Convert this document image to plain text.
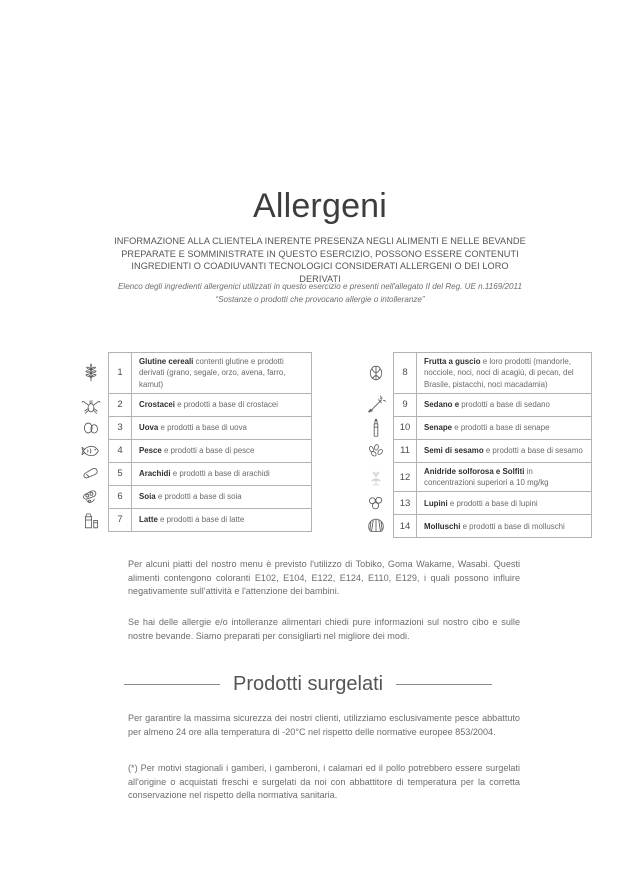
Allergeni
INFORMAZIONE ALLA CLIENTELA INERENTE PRESENZA NEGLI ALIMENTI E NELLE BEVANDE PREPARATE E SOMMINISTRATE IN QUESTO ESERCIZIO, POSSONO ESSERE CONTENUTI INGREDIENTI O COADIUVANTI TECNOLOGICI CONSIDERATI ALLERGENI O DEI LORO DERIVATI
Elenco degli ingredienti allergenici utilizzati in questo esercizio e presenti nell'allegato II del Reg. UE n.1169/2011
“Sostanze o prodotti che provocano allergie o intolleranze”
	1	Glutine cereali contenti glutine e prodotti derivati (grano, segale, orzo, avena, farro, kamut)

	2	Crostacei e prodotti a base di crostacei

	3	Uova e prodotti a base di uova

	4	Pesce e prodotti a base di pesce

	5	Arachidi e prodotti a base di arachidi

	6	Soia e prodotti a base di soia

	7	Latte e prodotti a base di latte
	8	Frutta a guscio e loro prodotti (mandorle, nocciole, noci, noci di acagiù, di pecan, del Brasile, pistacchi, noci macadamia)

	9	Sedano e prodotti a base di sedano

	10	Senape e prodotti a base di senape

	11	Semi di sesamo e prodotti a base di sesamo

	12	Anidride solforosa e Solfiti in concentrazioni superiori a 10 mg/kg

	13	Lupini e prodotti a base di lupini

	14	Molluschi e prodotti a base di molluschi
Per alcuni piatti del nostro menu è previsto l'utilizzo di Tobiko, Goma Wakame, Wasabi. Questi alimenti contengono coloranti E102, E104, E122, E124, E110, E129, i quali possono influire negativamente sull'attività e l'attenzione dei bambini.
Se hai delle allergie e/o intolleranze alimentari chiedi pure informazioni sul nostro cibo e sulle nostre bevande. Siamo preparati per consigliarti nel migliore dei modi.
Prodotti surgelati
Per garantire la massima sicurezza dei nostri clienti, utilizziamo esclusivamente pesce abbattuto per almeno 24 ore alla temperatura di -20°C nel rispetto delle normative europee 853/2004.
(*) Per motivi stagionali i gamberi, i gamberoni, i calamari ed il pollo potrebbero essere surgelati all'origine o acquistati freschi e surgelati da noi con abbattitore di temperatura per la corretta conservazione nel rispetto della normativa sanitaria.
